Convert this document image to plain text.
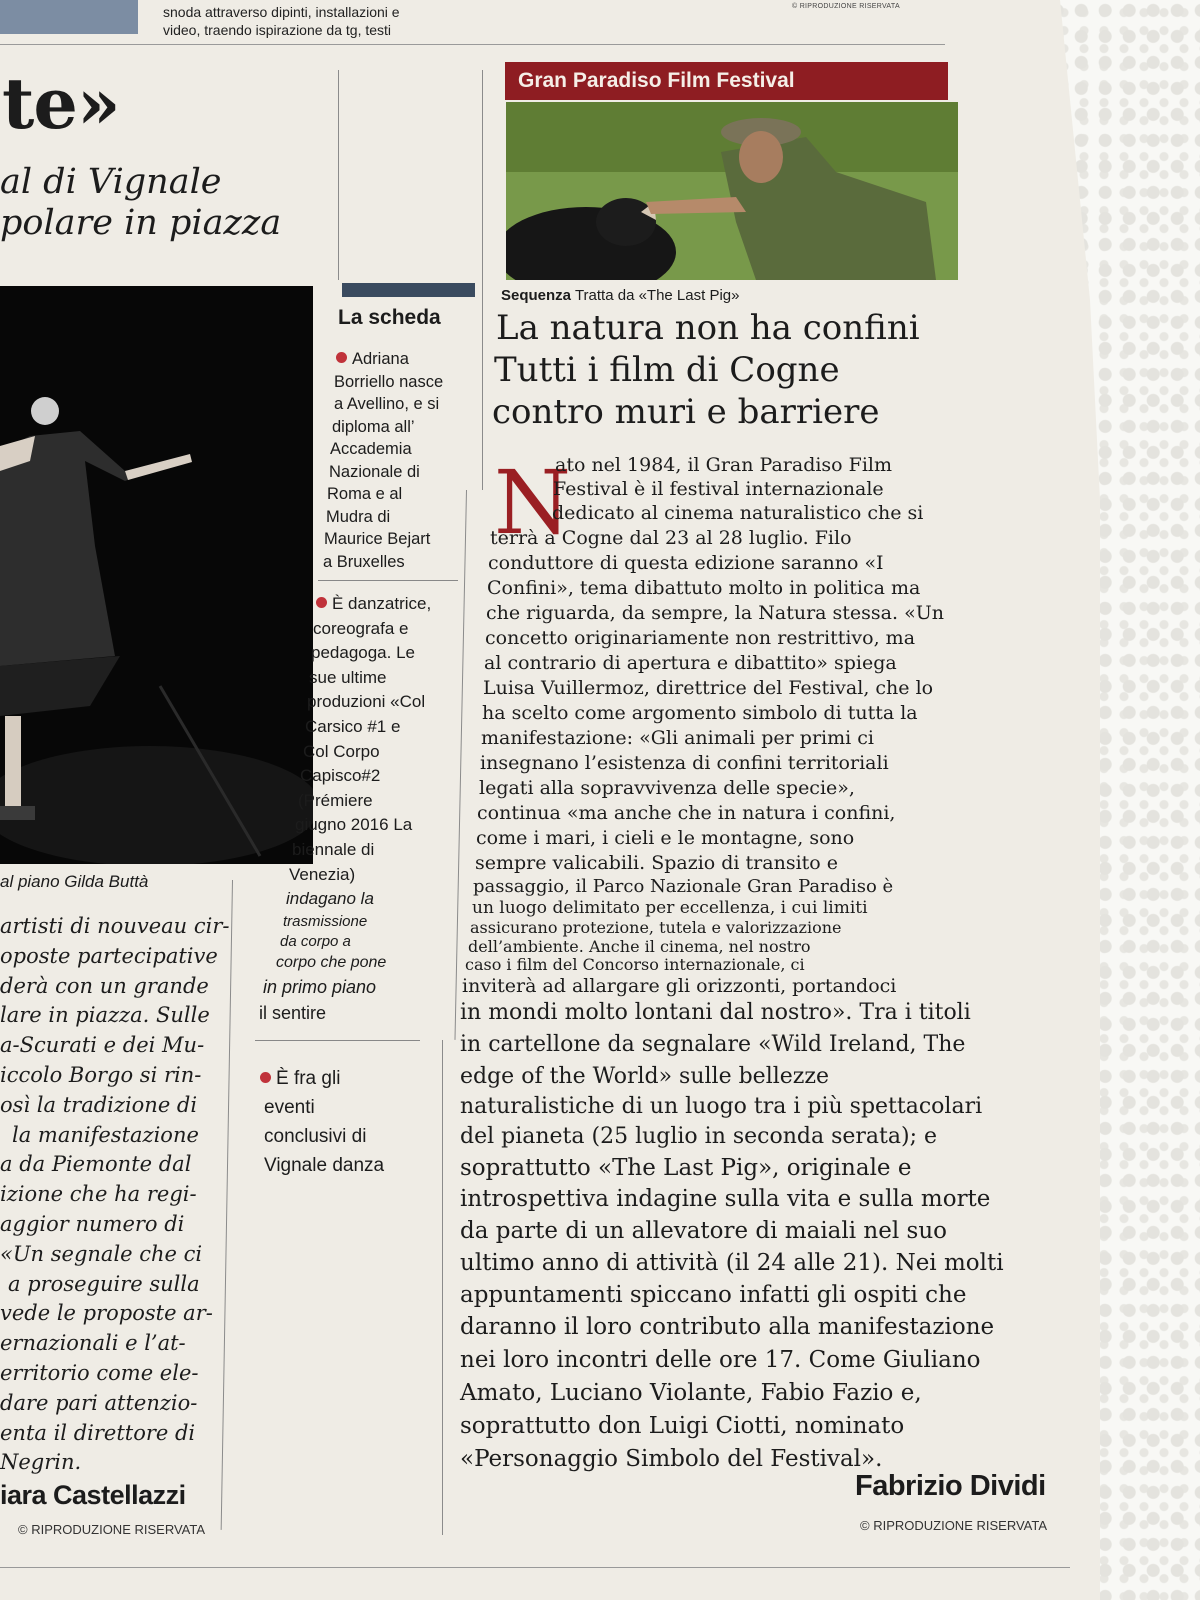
snoda attraverso dipinti, installazioni e
video, traendo ispirazione da tg, testi
© RIPRODUZIONE RISERVATA
te»
al di Vignale
polare in piazza
al piano Gilda Buttà
artisti di nouveau cir-
oposte partecipative
derà con un grande
lare in piazza. Sulle
a-Scurati e dei Mu-
iccolo Borgo si rin-
osì la tradizione di
la manifestazione
a da Piemonte dal
izione che ha regi-
aggior numero di
«Un segnale che ci
a proseguire sulla
vede le proposte ar-
ernazionali e l’at-
erritorio come ele-
dare pari attenzio-
enta il direttore di
Negrin.
iara Castellazzi
© RIPRODUZIONE RISERVATA
La scheda
Adriana
Borriello nasce
a Avellino, e si
diploma all’
Accademia
Nazionale di
Roma e al
Mudra di
Maurice Bejart
a Bruxelles
È danzatrice,
coreografa e
pedagoga. Le
sue ultime
produzioni «Col
Carsico #1 e
Col Corpo
Capisco#2
(Prémiere
giugno 2016 La
biennale di
Venezia)
indagano la
trasmissione
da corpo a
corpo che pone
in primo piano
il sentire
È fra gli
eventi
conclusivi di
Vignale danza
Gran Paradiso Film Festival
Sequenza Tratta da «The Last Pig»
La natura non ha confini
Tutti i film di Cogne
contro muri e barriere
N
ato nel 1984, il Gran Paradiso Film
Festival è il festival internazionale
dedicato al cinema naturalistico che si
terrà a Cogne dal 23 al 28 luglio. Filo
conduttore di questa edizione saranno «I
Confini», tema dibattuto molto in politica ma
che riguarda, da sempre, la Natura stessa. «Un
concetto originariamente non restrittivo, ma
al contrario di apertura e dibattito» spiega
Luisa Vuillermoz, direttrice del Festival, che lo
ha scelto come argomento simbolo di tutta la
manifestazione: «Gli animali per primi ci
insegnano l’esistenza di confini territoriali
legati alla sopravvivenza delle specie»,
continua «ma anche che in natura i confini,
come i mari, i cieli e le montagne, sono
sempre valicabili. Spazio di transito e
passaggio, il Parco Nazionale Gran Paradiso è
un luogo delimitato per eccellenza, i cui limiti
assicurano protezione, tutela e valorizzazione
dell’ambiente. Anche il cinema, nel nostro
caso i film del Concorso internazionale, ci
inviterà ad allargare gli orizzonti, portandoci
in mondi molto lontani dal nostro». Tra i titoli
in cartellone da segnalare «Wild Ireland, The
edge of the World» sulle bellezze
naturalistiche di un luogo tra i più spettacolari
del pianeta (25 luglio in seconda serata); e
soprattutto «The Last Pig», originale e
introspettiva indagine sulla vita e sulla morte
da parte di un allevatore di maiali nel suo
ultimo anno di attività (il 24 alle 21). Nei molti
appuntamenti spiccano infatti gli ospiti che
daranno il loro contributo alla manifestazione
nei loro incontri delle ore 17. Come Giuliano
Amato, Luciano Violante, Fabio Fazio e,
soprattutto don Luigi Ciotti, nominato
«Personaggio Simbolo del Festival».
Fabrizio Dividi
© RIPRODUZIONE RISERVATA
